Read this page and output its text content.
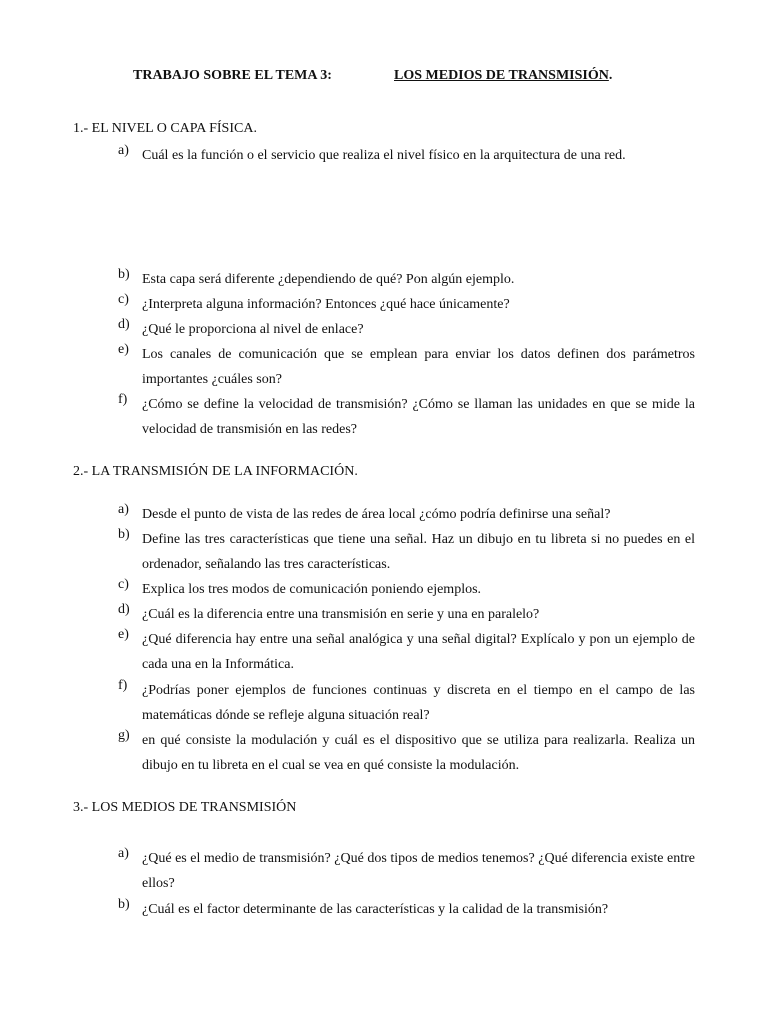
TRABAJO SOBRE EL TEMA 3:	LOS MEDIOS DE TRANSMISIÓN.
1.- EL NIVEL O CAPA FÍSICA.
a) Cuál es la función o el servicio que realiza el nivel físico en la arquitectura de una red.
b) Esta capa será diferente ¿dependiendo de qué? Pon algún ejemplo.
c) ¿Interpreta alguna información? Entonces ¿qué hace únicamente?
d) ¿Qué le proporciona al nivel de enlace?
e) Los canales de comunicación que se emplean para enviar los datos definen dos parámetros importantes ¿cuáles son?
f)	¿Cómo se define la velocidad de transmisión? ¿Cómo se llaman las unidades en que se mide la velocidad de transmisión en las redes?
2.- LA TRANSMISIÓN DE LA INFORMACIÓN.
a) Desde el punto de vista de las redes de área local ¿cómo podría definirse una señal?
b) Define las tres características que tiene una señal. Haz un dibujo en tu libreta si no puedes en el ordenador, señalando las tres características.
c) Explica los tres modos de comunicación poniendo ejemplos.
d) ¿Cuál es la diferencia entre una transmisión en serie y una en paralelo?
e) ¿Qué diferencia hay entre una señal analógica y una señal digital? Explícalo y pon un ejemplo de cada una en la Informática.
f)	¿Podrías poner ejemplos de funciones continuas y discreta en el tiempo en el campo de las matemáticas dónde se refleje alguna situación real?
g) en qué consiste la modulación y cuál es el dispositivo que se utiliza para realizarla. Realiza un dibujo en tu libreta en el cual se vea en qué consiste la modulación.
3.- LOS MEDIOS DE TRANSMISIÓN
a) ¿Qué es el medio de transmisión? ¿Qué dos tipos de medios tenemos? ¿Qué diferencia existe entre ellos?
b) ¿Cuál es el factor determinante de las características y la calidad de la transmisión?
